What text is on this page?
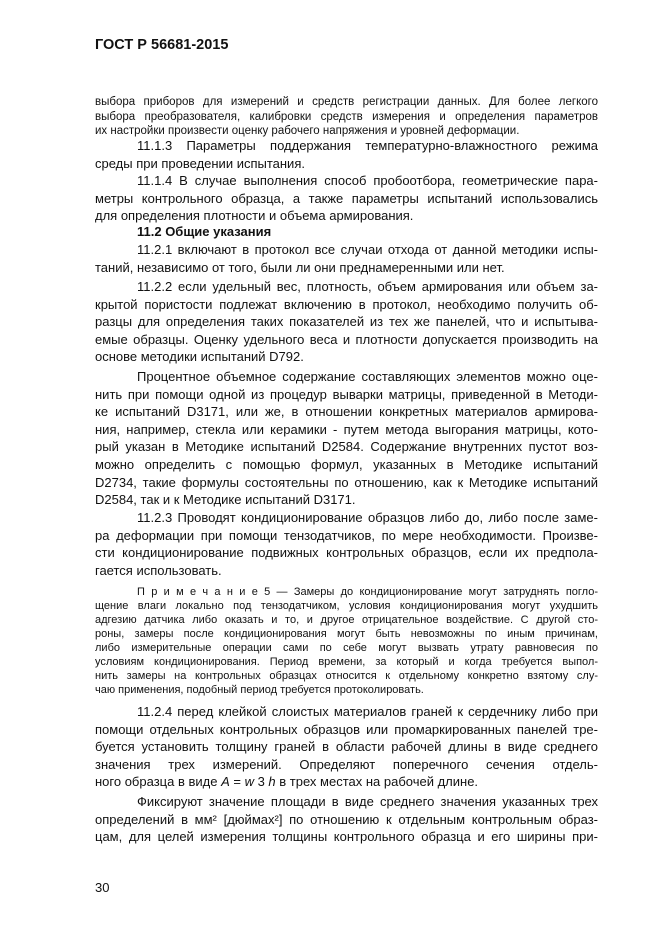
ГОСТ Р 56681-2015
выбора приборов для измерений и средств регистрации данных. Для более легкого
выбора преобразователя, калибровки средств измерения и определения параметров
их настройки произвести оценку рабочего напряжения и уровней деформации.
11.1.3 Параметры поддержания температурно-влажностного режима
среды при проведении испытания.
11.1.4 В случае выполнения способ пробоотбора, геометрические пара-
метры контрольного образца, а также параметры испытаний использовались
для определения плотности и объема армирования.
11.2 Общие указания
11.2.1 включают в протокол все случаи отхода от данной методики испы-
таний, независимо от того, были ли они преднамеренными или нет.
11.2.2 если удельный вес, плотность, объем армирования или объем за-
крытой пористости подлежат включению в протокол, необходимо получить об-
разцы для определения таких показателей из тех же панелей, что и испытыва-
емые образцы. Оценку удельного веса и плотности допускается производить на
основе методики испытаний D792.
Процентное объемное содержание составляющих элементов можно оце-
нить при помощи одной из процедур выварки матрицы, приведенной в Методи-
ке испытаний D3171, или же, в отношении конкретных материалов армирова-
ния, например, стекла или керамики - путем метода выгорания матрицы, кото-
рый указан в Методике испытаний D2584. Содержание внутренних пустот воз-
можно определить с помощью формул, указанных в Методике испытаний
D2734, такие формулы состоятельны по отношению, как к Методике испытаний
D2584, так и к Методике испытаний D3171.
11.2.3 Проводят кондиционирование образцов либо до, либо после заме-
ра деформации при помощи тензодатчиков, по мере необходимости. Произве-
сти кондиционирование подвижных контрольных образцов, если их предпола-
гается использовать.
П р и м е ч а н и е 5 — Замеры до кондиционирование могут затруднять погло-
щение влаги локально под тензодатчиком, условия кондиционирования могут ухудшить
адгезию датчика либо оказать и то, и другое отрицательное воздействие. С другой сто-
роны, замеры после кондиционирования могут быть невозможны по иным причинам,
либо измерительные операции сами по себе могут вызвать утрату равновесия по
условиям кондиционирования. Период времени, за который и когда требуется выпол-
нить замеры на контрольных образцах относится к отдельному конкретно взятому слу-
чаю применения, подобный период требуется протоколировать.
11.2.4 перед клейкой слоистых материалов граней к сердечнику либо при
помощи отдельных контрольных образцов или промаркированных панелей тре-
буется установить толщину граней в области рабочей длины в виде среднего
значения трех измерений. Определяют поперечного сечения отдель-
ного образца в виде A = w 3 h в трех местах на рабочей длине.
Фиксируют значение площади в виде среднего значения указанных трех
определений в мм² [дюймах²] по отношению к отдельным контрольным образ-
цам, для целей измерения толщины контрольного образца и его ширины при-
30
